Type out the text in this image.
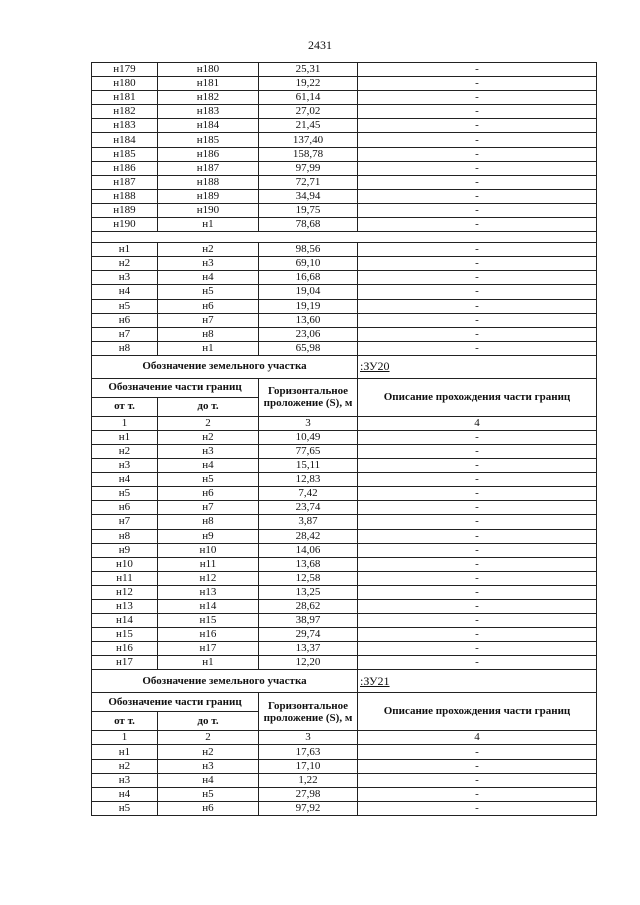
2431
н179	н180	25,31	-
н180	н181	19,22	-
н181	н182	61,14	-
н182	н183	27,02	-
н183	н184	21,45	-
н184	н185	137,40	-
н185	н186	158,78	-
н186	н187	97,99	-
н187	н188	72,71	-
н188	н189	34,94	-
н189	н190	19,75	-
н190	н1	78,68	-

н1	н2	98,56	-
н2	н3	69,10	-
н3	н4	16,68	-
н4	н5	19,04	-
н5	н6	19,19	-
н6	н7	13,60	-
н7	н8	23,06	-
н8	н1	65,98	-
Обозначение земельного участка			:ЗУ20
Обозначение части границ		Горизонтальное проложение (S), м	Описание прохождения части границ
от т.	до т.		
1	2	3	4
н1	н2	10,49	-
н2	н3	77,65	-
н3	н4	15,11	-
н4	н5	12,83	-
н5	н6	7,42	-
н6	н7	23,74	-
н7	н8	3,87	-
н8	н9	28,42	-
н9	н10	14,06	-
н10	н11	13,68	-
н11	н12	12,58	-
н12	н13	13,25	-
н13	н14	28,62	-
н14	н15	38,97	-
н15	н16	29,74	-
н16	н17	13,37	-
н17	н1	12,20	-
Обозначение земельного участка			:ЗУ21
Обозначение части границ		Горизонтальное проложение (S), м	Описание прохождения части границ
от т.	до т.		
1	2	3	4
н1	н2	17,63	-
н2	н3	17,10	-
н3	н4	1,22	-
н4	н5	27,98	-
н5	н6	97,92	-
